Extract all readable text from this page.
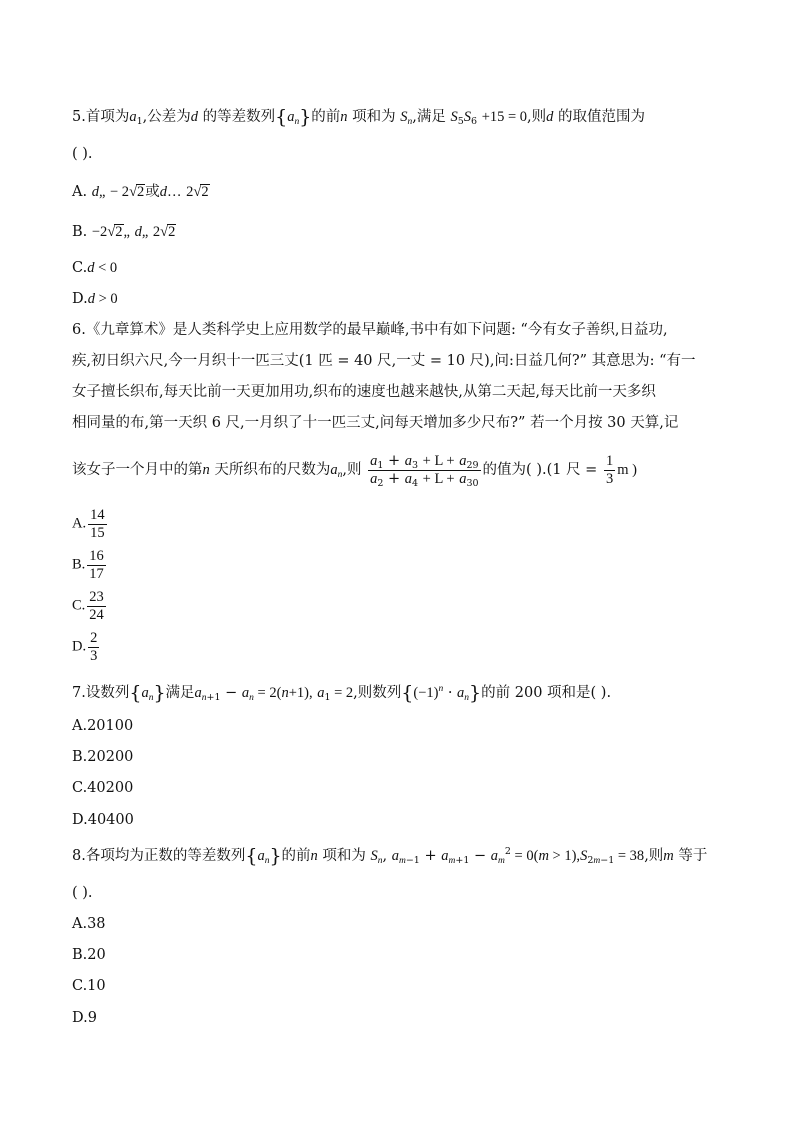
5.首项为$a_1$,公差为d 的等差数列$\{a_n\}$的前n 项和为 $S_n$,满足 $S_5S_6 +15 = 0$,则d 的取值范围为
( ).
A. d„ − 2√2或d… 2√2
B. −2√2„ d„ 2√2
C.d < 0
D.d > 0
6.《九章算术》是人类科学史上应用数学的最早巅峰,书中有如下问题: “今有女子善织,日益功,
疾,初日织六尺,今一月织十一匹三丈(1 匹 = 40 尺,一丈 = 10 尺),问:日益几何?” 其意思为: “有一
女子擅长织布,每天比前一天更加用功,织布的速度也越来越快,从第二天起,每天比前一天多织
相同量的布,第一天织 6 尺,一月织了十一匹三丈,问每天增加多少尺布?” 若一个月按 30 天算,记
该女子一个月中的第n 天所织布的尺数为$a_n$,则 $\frac{a_1 + a_3 + L + a_{29}}{a_2 + a_4 + L + a_{30}}$ 的值为( ).(1 尺 = $\frac{1}{3}$ m )
A. $\frac{14}{15}$
B. $\frac{16}{17}$
C. $\frac{23}{24}$
D. $\frac{2}{3}$
7.设数列$\{a_n\}$满足$a_{n+1} - a_n = 2(n+1)$, $a_1 = 2$,则数列$\{(-1)^n \cdot a_n\}$的前 200 项和是( ).
A.20100
B.20200
C.40200
D.40400
8.各项均为正数的等差数列$\{a_n\}$的前n 项和为 $S_n$, $a_{m-1} + a_{m+1} - a_m^2 = 0(m > 1),S_{2m-1} = 38$,则m 等于
( ).
A.38
B.20
C.10
D.9
